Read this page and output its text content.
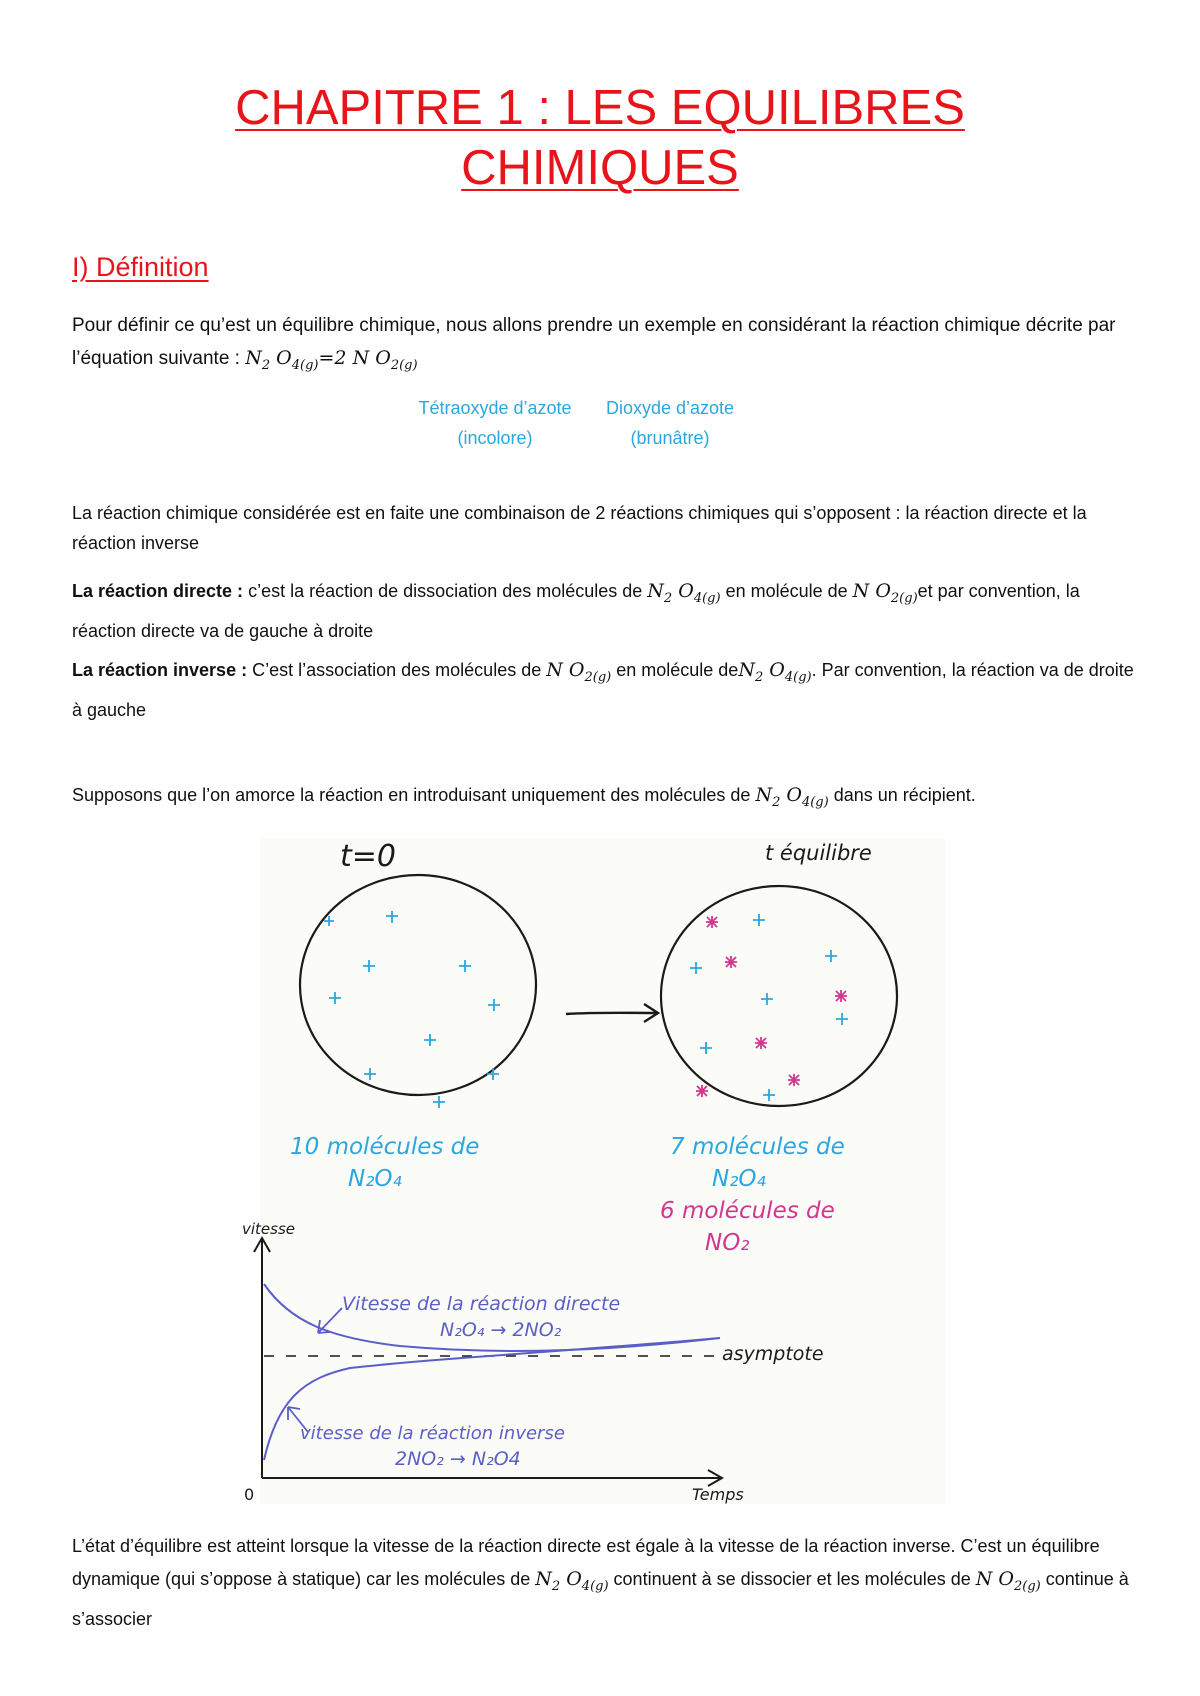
CHAPITRE 1 : LES EQUILIBRES
CHIMIQUES
I) Définition
Pour définir ce qu’est un équilibre chimique, nous allons prendre un exemple en considérant la réaction chimique décrite par l’équation suivante : $N_2$ $O_{4(g)}=2$ N $O_{2(g)}$
Tétraoxyde d’azote
(incolore)
Dioxyde d’azote
(brunâtre)
La réaction chimique considérée est en faite une combinaison de 2 réactions chimiques qui s’opposent : la réaction directe et la réaction inverse
La réaction directe : c’est la réaction de dissociation des molécules de $N_2$ $O_{4(g)}$ en molécule de N $O_{2(g)}et$ par convention, la réaction directe va de gauche à droite
La réaction inverse : C’est l’association des molécules de N $O_{2(g)}$ en molécule deN$_2$ $O_{4(g)}$. Par convention, la réaction va de droite à gauche
Supposons que l’on amorce la réaction en introduisant uniquement des molécules de $N_2$ $O_{4(g)}$ dans un récipient.
t=0	t équilibre
10 molécules de
N₂O₄
7 molécules de
N₂O₄
6 molécules de
NO₂
vitesse
Temps
0
asymptote
Vitesse de la réaction directe
N₂O₄ → 2NO₂
vitesse de la réaction inverse
2NO₂ → N₂O4
L’état d’équilibre est atteint lorsque la vitesse de la réaction directe est égale à la vitesse de la réaction inverse. C’est un équilibre dynamique (qui s’oppose à statique) car les molécules de $N_2$ $O_{4(g)}$ continuent à se dissocier et les molécules de N $O_{2(g)}$ continue à s’associer
